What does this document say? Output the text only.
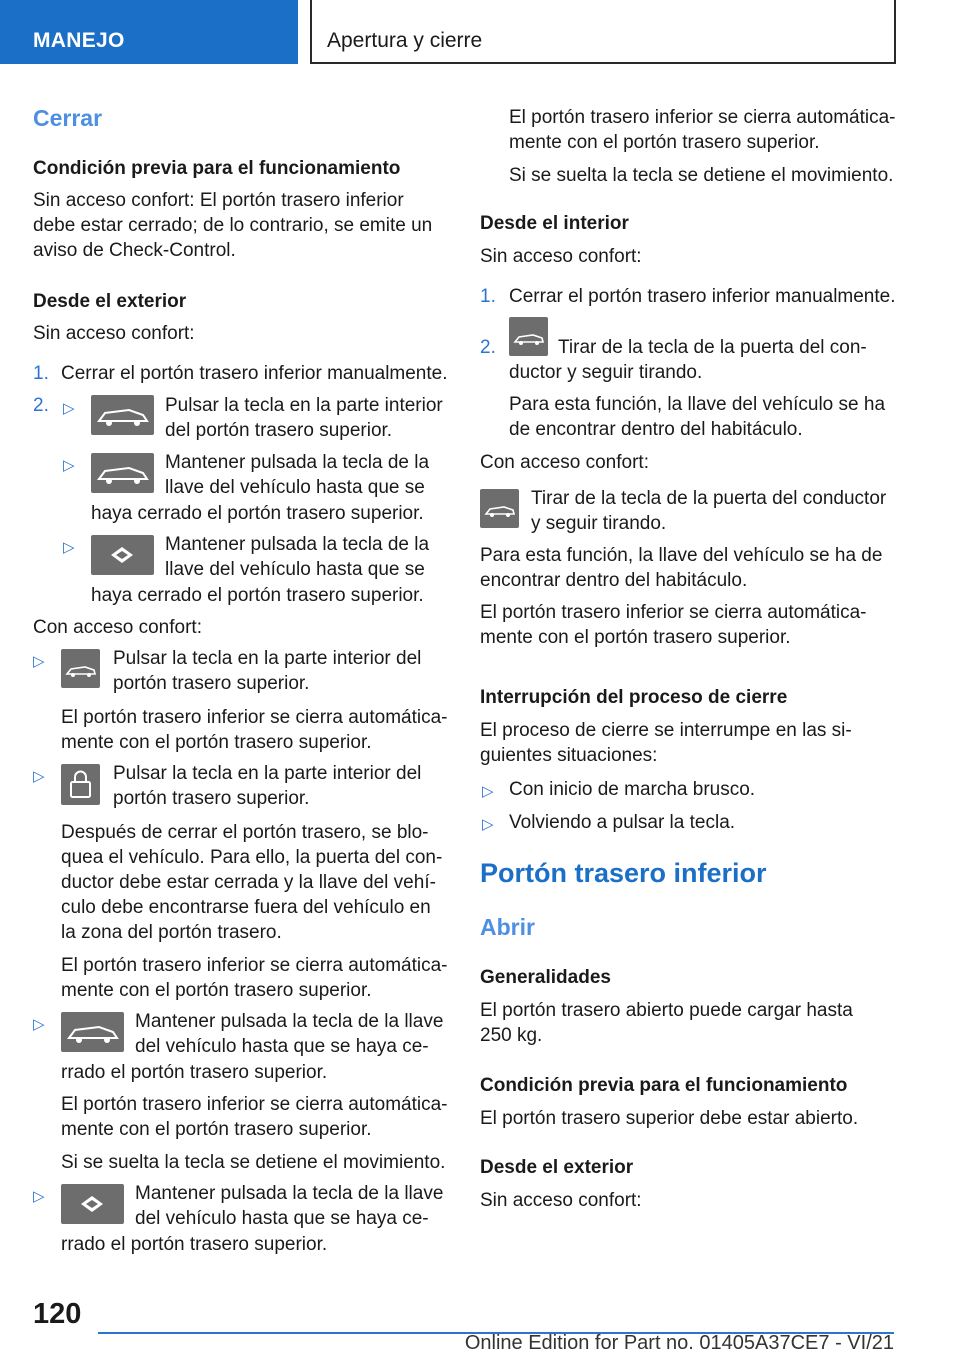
MANEJO	Apertura y cierre
Cerrar
Condición previa para el funcionamiento
Sin acceso confort: El portón trasero inferior
debe estar cerrado; de lo contrario, se emite un
aviso de Check-Control.
Desde el exterior
Sin acceso confort:
1. Cerrar el portón trasero inferior manualmente.
2. ▷	Pulsar la tecla en la parte interior
del portón trasero superior.
▷	Mantener pulsada la tecla de la
llave del vehículo hasta que se
haya cerrado el portón trasero superior.
▷	Mantener pulsada la tecla de la
llave del vehículo hasta que se
haya cerrado el portón trasero superior.
Con acceso confort:
▷	Pulsar la tecla en la parte interior del
portón trasero superior.
El portón trasero inferior se cierra automática-
mente con el portón trasero superior.
▷	Pulsar la tecla en la parte interior del
portón trasero superior.
Después de cerrar el portón trasero, se blo-
quea el vehículo. Para ello, la puerta del con-
ductor debe estar cerrada y la llave del vehí-
culo debe encontrarse fuera del vehículo en
la zona del portón trasero.
El portón trasero inferior se cierra automática-
mente con el portón trasero superior.
▷	Mantener pulsada la tecla de la llave
del vehículo hasta que se haya ce-
rrado el portón trasero superior.
El portón trasero inferior se cierra automática-
mente con el portón trasero superior.
Si se suelta la tecla se detiene el movimiento.
▷	Mantener pulsada la tecla de la llave
del vehículo hasta que se haya ce-
rrado el portón trasero superior.
El portón trasero inferior se cierra automática-
mente con el portón trasero superior.
Si se suelta la tecla se detiene el movimiento.
Desde el interior
Sin acceso confort:
1. Cerrar el portón trasero inferior manualmente.
2.	Tirar de la tecla de la puerta del con-
ductor y seguir tirando.
Para esta función, la llave del vehículo se ha
de encontrar dentro del habitáculo.
Con acceso confort:
Tirar de la tecla de la puerta del conductor
y seguir tirando.
Para esta función, la llave del vehículo se ha de
encontrar dentro del habitáculo.
El portón trasero inferior se cierra automática-
mente con el portón trasero superior.
Interrupción del proceso de cierre
El proceso de cierre se interrumpe en las si-
guientes situaciones:
▷ Con inicio de marcha brusco.
▷ Volviendo a pulsar la tecla.
Portón trasero inferior
Abrir
Generalidades
El portón trasero abierto puede cargar hasta
250 kg.
Condición previa para el funcionamiento
El portón trasero superior debe estar abierto.
Desde el exterior
Sin acceso confort:
120
Online Edition for Part no. 01405A37CE7 - VI/21
